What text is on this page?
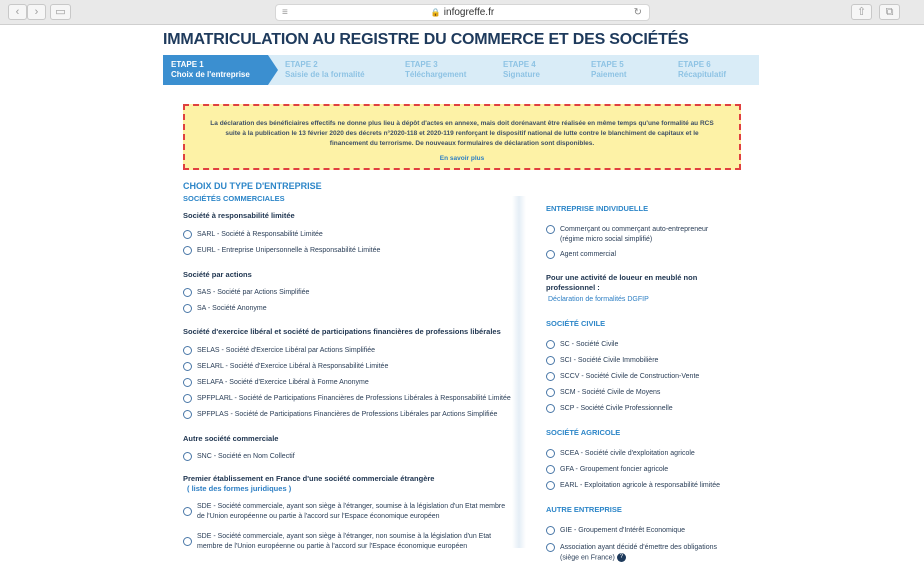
‹	›	▭	≡	🔒 infogreffe.fr	↻	⇧	⧉
IMMATRICULATION AU REGISTRE DU COMMERCE ET DES SOCIÉTÉS
ETAPE 1
Choix de l'entreprise
ETAPE 2
Saisie de la formalité
ETAPE 3
Téléchargement
ETAPE 4
Signature
ETAPE 5
Paiement
ETAPE 6
Récapitulatif
La déclaration des bénéficiaires effectifs ne donne plus lieu à dépôt d'actes en annexe, mais doit dorénavant être réalisée en même temps qu'une formalité au RCS
suite à la publication le 13 février 2020 des décrets n°2020-118 et 2020-119 renforçant le dispositif national de lutte contre le blanchiment de capitaux et le
financement du terrorisme. De nouveaux formulaires de déclaration sont disponibles.
En savoir plus
CHOIX DU TYPE D'ENTREPRISE
SOCIÉTÉS COMMERCIALES
Société à responsabilité limitée
SARL - Société à Responsabilité Limitée
EURL - Entreprise Unipersonnelle à Responsabilité Limitée
Société par actions
SAS - Société par Actions Simplifiée
SA - Société Anonyme
Société d'exercice libéral et société de participations financières de professions libérales
SELAS - Société d'Exercice Libéral par Actions Simplifiée
SELARL - Société d'Exercice Libéral à Responsabilité Limitée
SELAFA - Société d'Exercice Libéral à Forme Anonyme
SPFPLARL - Société de Participations Financières de Professions Libérales à Responsabilité Limitée
SPFPLAS - Société de Participations Financières de Professions Libérales par Actions Simplifiée
Autre société commerciale
SNC - Société en Nom Collectif
Premier établissement en France d'une société commerciale étrangère
( liste des formes juridiques )
SDE - Société commerciale, ayant son siège à l'étranger, soumise à la législation d'un Etat membre
de l'Union européenne ou partie à l'accord sur l'Espace économique européen
SDE - Société commerciale, ayant son siège à l'étranger, non soumise à la législation d'un Etat
membre de l'Union européenne ou partie à l'accord sur l'Espace économique européen
ENTREPRISE INDIVIDUELLE
Commerçant ou commerçant auto-entrepreneur
(régime micro social simplifié)
Agent commercial
Pour une activité de loueur en meublé non
professionnel :
Déclaration de formalités DGFIP
SOCIÉTÉ CIVILE
SC - Société Civile
SCI - Société Civile Immobilière
SCCV - Société Civile de Construction-Vente
SCM - Société Civile de Moyens
SCP - Société Civile Professionnelle
SOCIÉTÉ AGRICOLE
SCEA - Société civile d'exploitation agricole
GFA - Groupement foncier agricole
EARL - Exploitation agricole à responsabilité limitée
AUTRE ENTREPRISE
GIE - Groupement d'Intérêt Economique
Association ayant décidé d'émettre des obligations
(siège en France) ?
